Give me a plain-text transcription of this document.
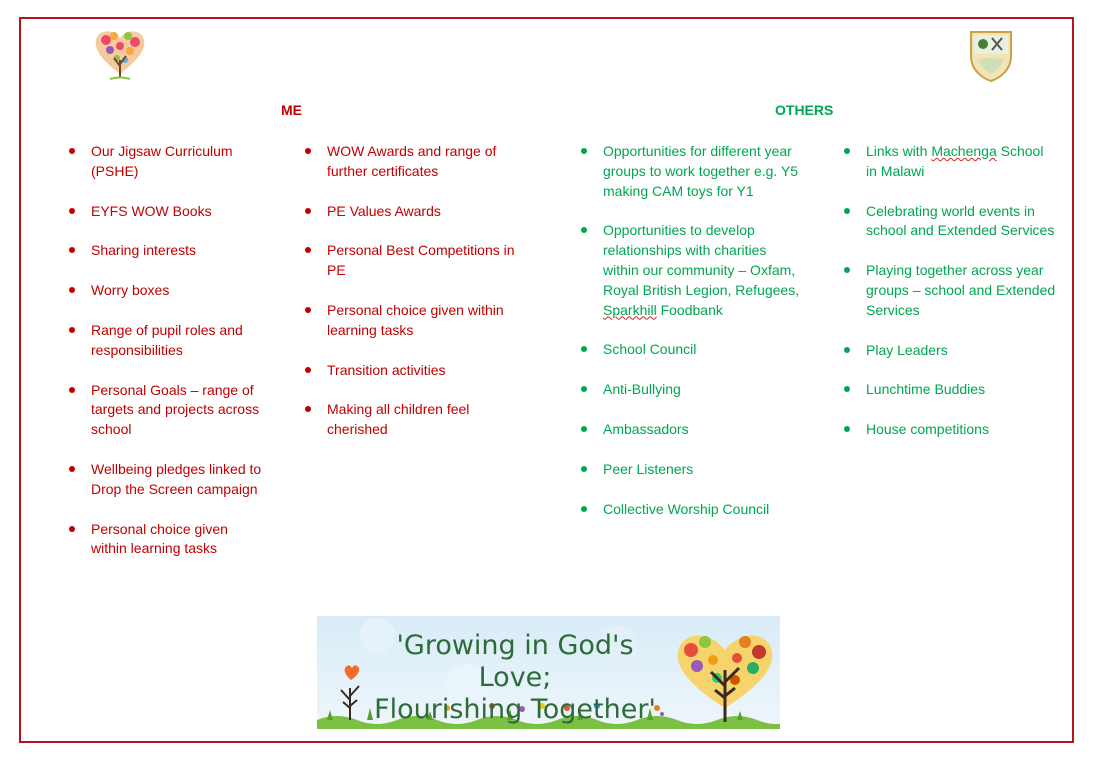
ME	OTHERS
Our Jigsaw Curriculum (PSHE)
EYFS WOW Books
Sharing interests
Worry boxes
Range of pupil roles and responsibilities
Personal Goals – range of targets and projects across school
Wellbeing pledges linked to Drop the Screen campaign
Personal choice given within learning tasks
WOW Awards and range of further certificates
PE Values Awards
Personal Best Competitions in PE
Personal choice given within learning tasks
Transition activities
Making all children feel cherished
Opportunities for different year groups to work together e.g. Y5 making CAM toys for Y1
Opportunities to develop relationships with charities within our community – Oxfam, Royal British Legion, Refugees, Sparkhill Foodbank
School Council
Anti-Bullying
Ambassadors
Peer Listeners
Collective Worship Council
Links with Machenga School in Malawi
Celebrating world events in school and Extended Services
Playing together across year groups – school and Extended Services
Play Leaders
Lunchtime Buddies
House competitions
'Growing in God's Love;
Flourishing Together'
